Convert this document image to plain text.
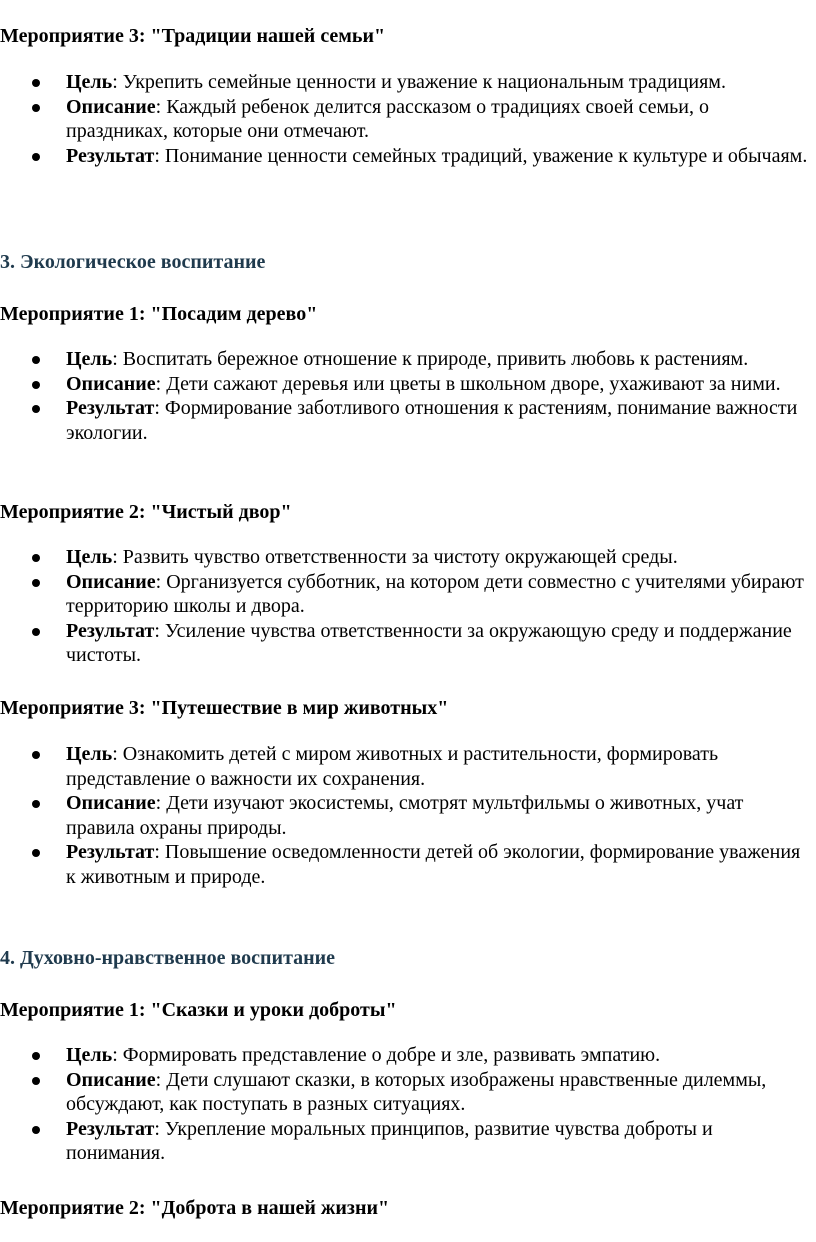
Мероприятие 3: "Традиции нашей семьи"
Цель: Укрепить семейные ценности и уважение к национальным традициям.
Описание: Каждый ребенок делится рассказом о традициях своей семьи, о праздниках, которые они отмечают.
Результат: Понимание ценности семейных традиций, уважение к культуре и обычаям.
3. Экологическое воспитание
Мероприятие 1: "Посадим дерево"
Цель: Воспитать бережное отношение к природе, привить любовь к растениям.
Описание: Дети сажают деревья или цветы в школьном дворе, ухаживают за ними.
Результат: Формирование заботливого отношения к растениям, понимание важности экологии.
Мероприятие 2: "Чистый двор"
Цель: Развить чувство ответственности за чистоту окружающей среды.
Описание: Организуется субботник, на котором дети совместно с учителями убирают территорию школы и двора.
Результат: Усиление чувства ответственности за окружающую среду и поддержание чистоты.
Мероприятие 3: "Путешествие в мир животных"
Цель: Ознакомить детей с миром животных и растительности, формировать представление о важности их сохранения.
Описание: Дети изучают экосистемы, смотрят мультфильмы о животных, учат правила охраны природы.
Результат: Повышение осведомленности детей об экологии, формирование уважения к животным и природе.
4. Духовно-нравственное воспитание
Мероприятие 1: "Сказки и уроки доброты"
Цель: Формировать представление о добре и зле, развивать эмпатию.
Описание: Дети слушают сказки, в которых изображены нравственные дилеммы, обсуждают, как поступать в разных ситуациях.
Результат: Укрепление моральных принципов, развитие чувства доброты и понимания.
Мероприятие 2: "Доброта в нашей жизни"
